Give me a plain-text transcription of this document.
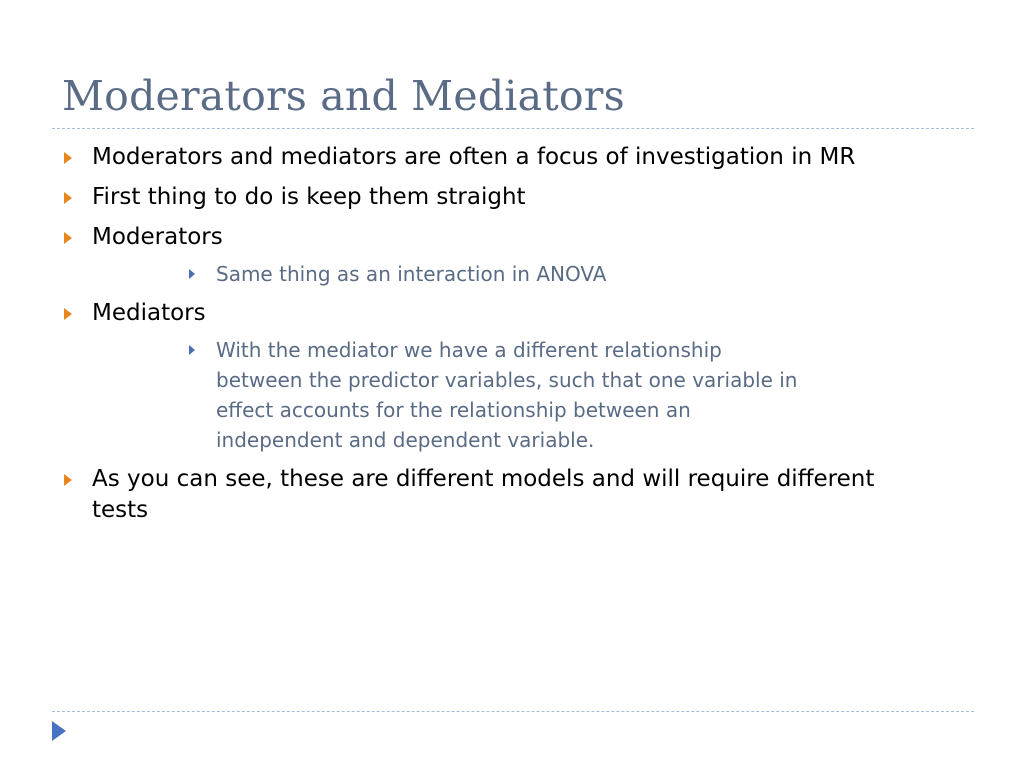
Moderators and Mediators
Moderators and mediators are often a focus of investigation in MR
First thing to do is keep them straight
Moderators
Same thing as an interaction in ANOVA
Mediators
With the mediator we have a different relationship between the predictor variables, such that one variable in effect accounts for the relationship between an independent and dependent variable.
As you can see, these are different models and will require different tests
